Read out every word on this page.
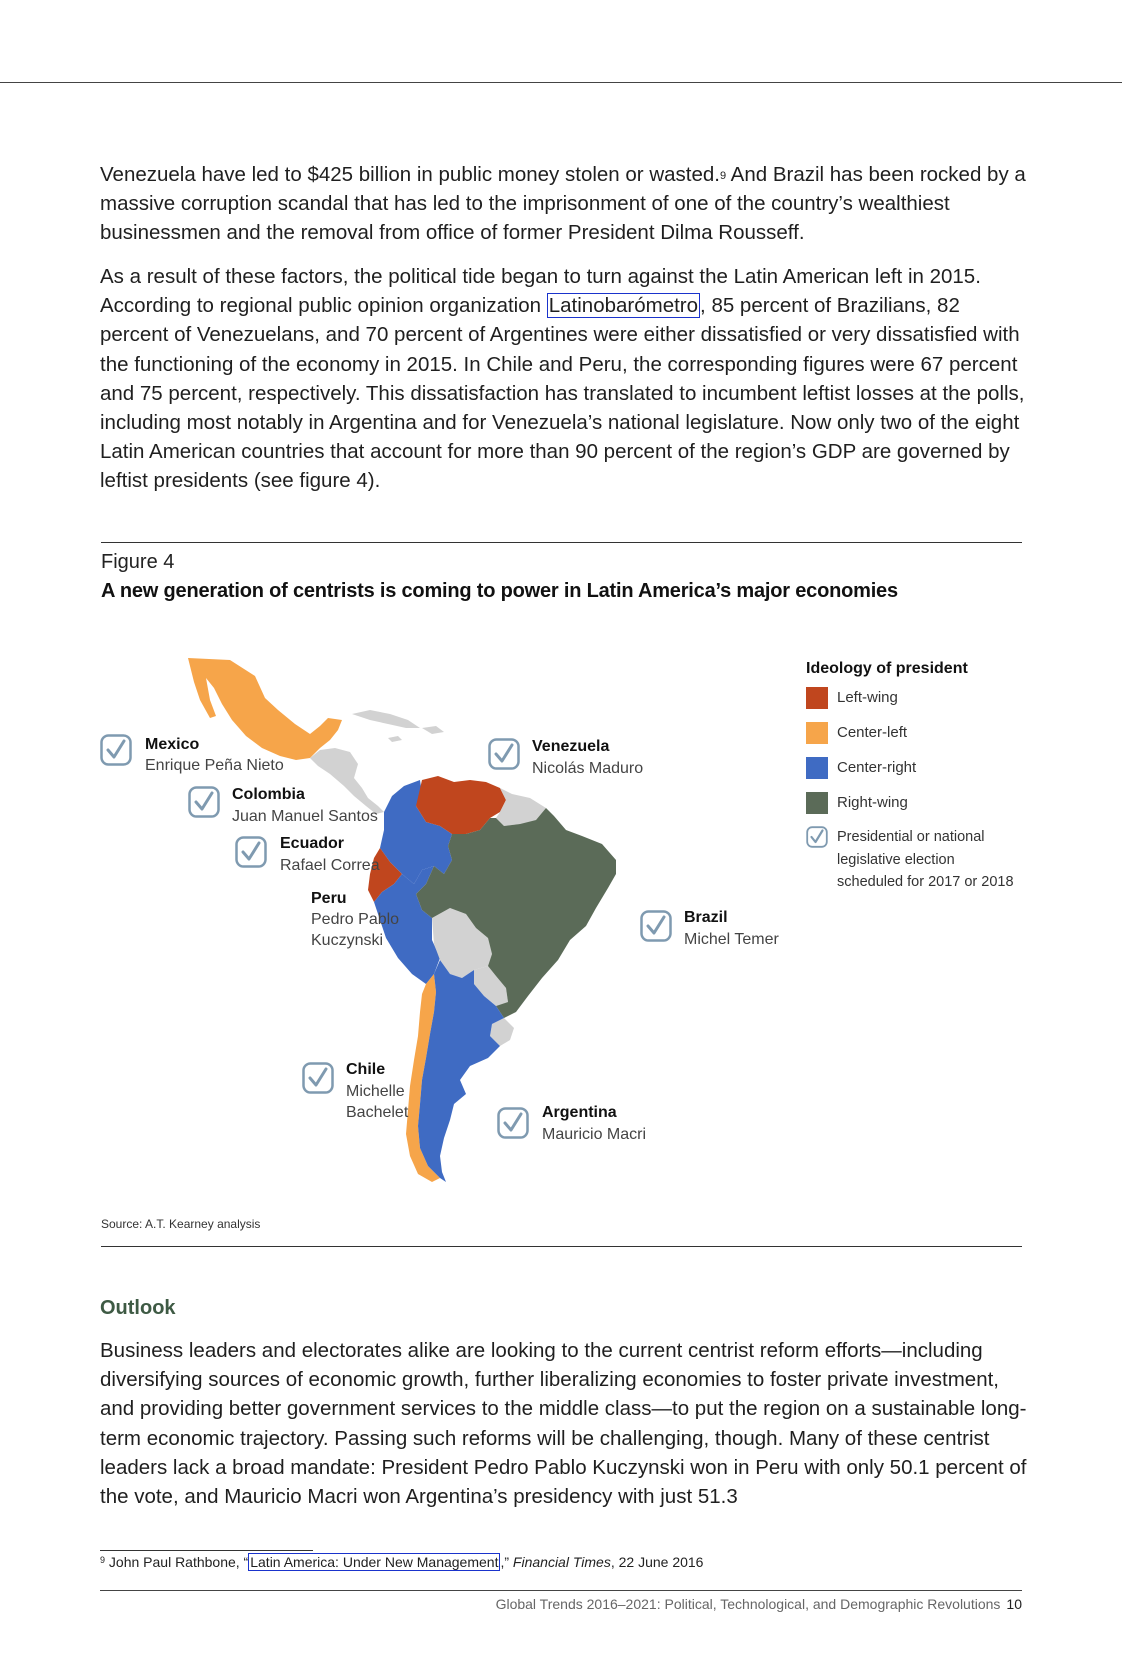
Venezuela have led to $425 billion in public money stolen or wasted.$^9$ And Brazil has been rocked by a massive corruption scandal that has led to the imprisonment of one of the country’s wealthiest businessmen and the removal from office of former President Dilma Rousseff.

As a result of these factors, the political tide began to turn against the Latin American left in 2015. According to regional public opinion organization Latinobarómetro, 85 percent of Brazilians, 82 percent of Venezuelans, and 70 percent of Argentines were either dissatisfied or very dissatisfied with the functioning of the economy in 2015. In Chile and Peru, the corresponding figures were 67 percent and 75 percent, respectively. This dissatisfaction has translated to incumbent leftist losses at the polls, including most notably in Argentina and for Venezuela’s national legislature. Now only two of the eight Latin American countries that account for more than 90 percent of the region’s GDP are governed by leftist presidents (see figure 4).

Figure 4
A new generation of centrists is coming to power in Latin America’s major economies
Mexico
Enrique Peña Nieto
Colombia
Juan Manuel Santos
Ecuador
Rafael Correa
Peru
Pedro Pablo
Kuczynski
Chile
Michelle
Bachelet
Venezuela
Nicolás Maduro
Brazil
Michel Temer
Argentina
Mauricio Macri
Ideology of president
Left-wing
Center-left
Center-right
Right-wing
Presidential or national legislative election scheduled for 2017 or 2018
Source: A.T. Kearney analysis
Outlook

Business leaders and electorates alike are looking to the current centrist reform efforts—including diversifying sources of economic growth, further liberalizing economies to foster private investment, and providing better government services to the middle class—to put the region on a sustainable long-term economic trajectory. Passing such reforms will be challenging, though. Many of these centrist leaders lack a broad mandate: President Pedro Pablo Kuczynski won in Peru with only 50.1 percent of the vote, and Mauricio Macri won Argentina’s presidency with just 51.3

$^9$ John Paul Rathbone, “ Latin America: Under New Management ,” Financial Times, 22 June 2016
Global Trends 2016–2021: Political, Technological, and Demographic Revolutions 10
